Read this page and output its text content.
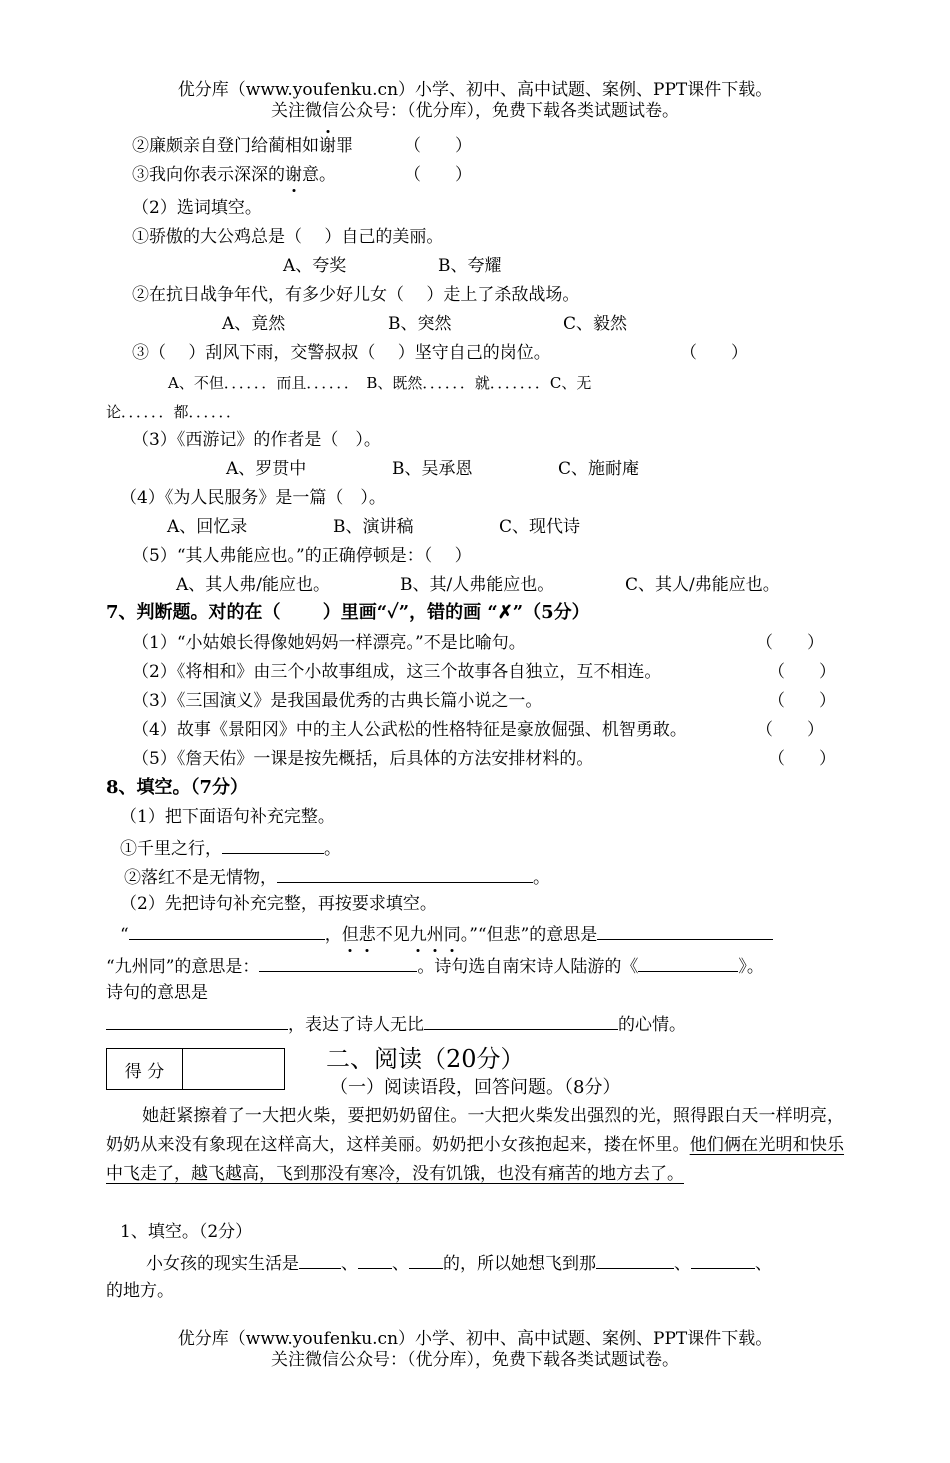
优分库（www.youfenku.cn）小学、初中、高中试题、案例、PPT课件下载。
关注微信公众号：（优分库），免费下载各类试题试卷。
②廉颇亲自登门给蔺相如谢罪	（　　）
③我向你表示深深的谢意。	（　　）
（2）选词填空。
①骄傲的大公鸡总是（　 ）自己的美丽。
A、夸奖	B、夸耀
②在抗日战争年代，有多少好儿女（　 ）走上了杀敌战场。
A、竟然	B、突然	C、毅然
③（　 ）刮风下雨，交警叔叔（　 ）坚守自己的岗位。	（　　）
A、不但．．．．．．而且．．．．．．　B、既然．．．．．．就．．．．．．．C、无
论．．．．．．都．．．．．．
（3）《西游记》的作者是（　）。
A、罗贯中	B、吴承恩	C、施耐庵
（4）《为人民服务》是一篇（　）。
A、回忆录	B、演讲稿	C、现代诗
（5）“其人弗能应也。”的正确停顿是：（　 ）
A、其人弗/能应也。	B、其/人弗能应也。	C、其人/弗能应也。
7、判断题。对的在（　　 ）里画“✓”，错的画 “✗”（5分）
（1）“小姑娘长得像她妈妈一样漂亮。”不是比喻句。	（　　）
（2）《将相和》由三个小故事组成，这三个故事各自独立，互不相连。	（　　）
（3）《三国演义》是我国最优秀的古典长篇小说之一。	（　　）
（4）故事《景阳冈》中的主人公武松的性格特征是豪放倔强、机智勇敢。	（　　）
（5）《詹天佑》一课是按先概括，后具体的方法安排材料的。	（　　）
8、填空。（7分）
（1）把下面语句补充完整。
①千里之行，	。
②落红不是无情物，	。
（2）先把诗句补充完整，再按要求填空。
“	，但悲不见九州同。”“但悲”的意思是
“九州同”的意思是：	。诗句选自南宋诗人陆游的《	》。
诗句的意思是
，表达了诗人无比	的心情。
得 分	二、阅读（20分）
（一）阅读语段，回答问题。（8分）
她赶紧擦着了一大把火柴，要把奶奶留住。一大把火柴发出强烈的光，照得跟白天一样明亮，奶奶从来没有象现在这样高大，这样美丽。奶奶把小女孩抱起来，搂在怀里。他们俩在光明和快乐中飞走了，越飞越高，飞到那没有寒冷，没有饥饿，也没有痛苦的地方去了。
1、填空。（2分）
小女孩的现实生活是 、 、 的，所以她想飞到那	、	、
的地方。
优分库（www.youfenku.cn）小学、初中、高中试题、案例、PPT课件下载。
关注微信公众号：（优分库），免费下载各类试题试卷。
